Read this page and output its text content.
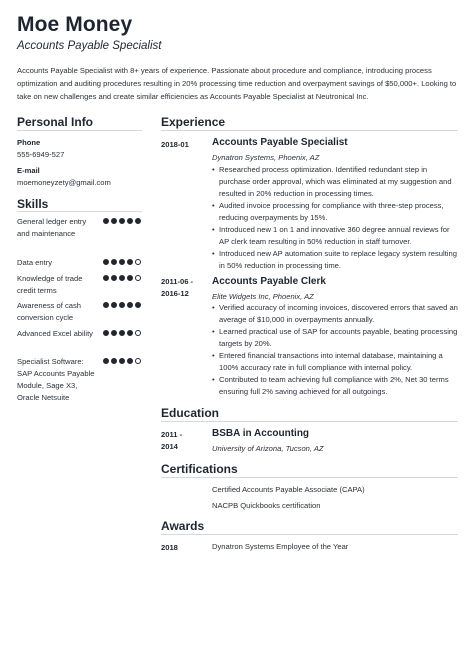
Moe Money
Accounts Payable Specialist
Accounts Payable Specialist with 8+ years of experience. Passionate about procedure and compliance, introducing process optimization and auditing procedures resulting in 20% processing time reduction and overpayment savings of $50,000+. Looking to take on new challenges and create similar efficiencies as Accounts Payable Specialist at Neutronical Inc.
Personal Info
Phone
555-6949-527
E-mail
moemoneyzety@gmail.com
Skills
General ledger entry and maintenance
Data entry
Knowledge of trade credit terms
Awareness of cash conversion cycle
Advanced Excel ability
Specialist Software: SAP Accounts Payable Module, Sage X3, Oracle Netsuite
Experience
2018-01 Accounts Payable Specialist
Dynatron Systems, Phoenix, AZ
• Researched process optimization. Identified redundant step in purchase order approval, which was eliminated at my suggestion and resulted in 20% reduction in processing times.
• Audited invoice processing for compliance with three-step process, reducing overpayments by 15%.
• Introduced new 1 on 1 and innovative 360 degree annual reviews for AP clerk team resulting in 50% reduction in staff turnover.
• Introduced new AP automation suite to replace legacy system resulting in 50% reduction in processing time.
2011-06 - 2016-12
Accounts Payable Clerk
Elite Widgets Inc, Phoenix, AZ
• Verified accuracy of incoming invoices, discovered errors that saved an average of $10,000 in overpayments annually.
• Learned practical use of SAP for accounts payable, beating processing targets by 20%.
• Entered financial transactions into internal database, maintaining a 100% accuracy rate in full compliance with internal policy.
• Contributed to team achieving full compliance with 2%, Net 30 terms ensuring full 2% saving achieved for all outgoings.
Education
2011 - 2014
BSBA in Accounting
University of Arizona, Tucson, AZ
Certifications
Certified Accounts Payable Associate (CAPA)
NACPB Quickbooks certification
Awards
2018	Dynatron Systems Employee of the Year
